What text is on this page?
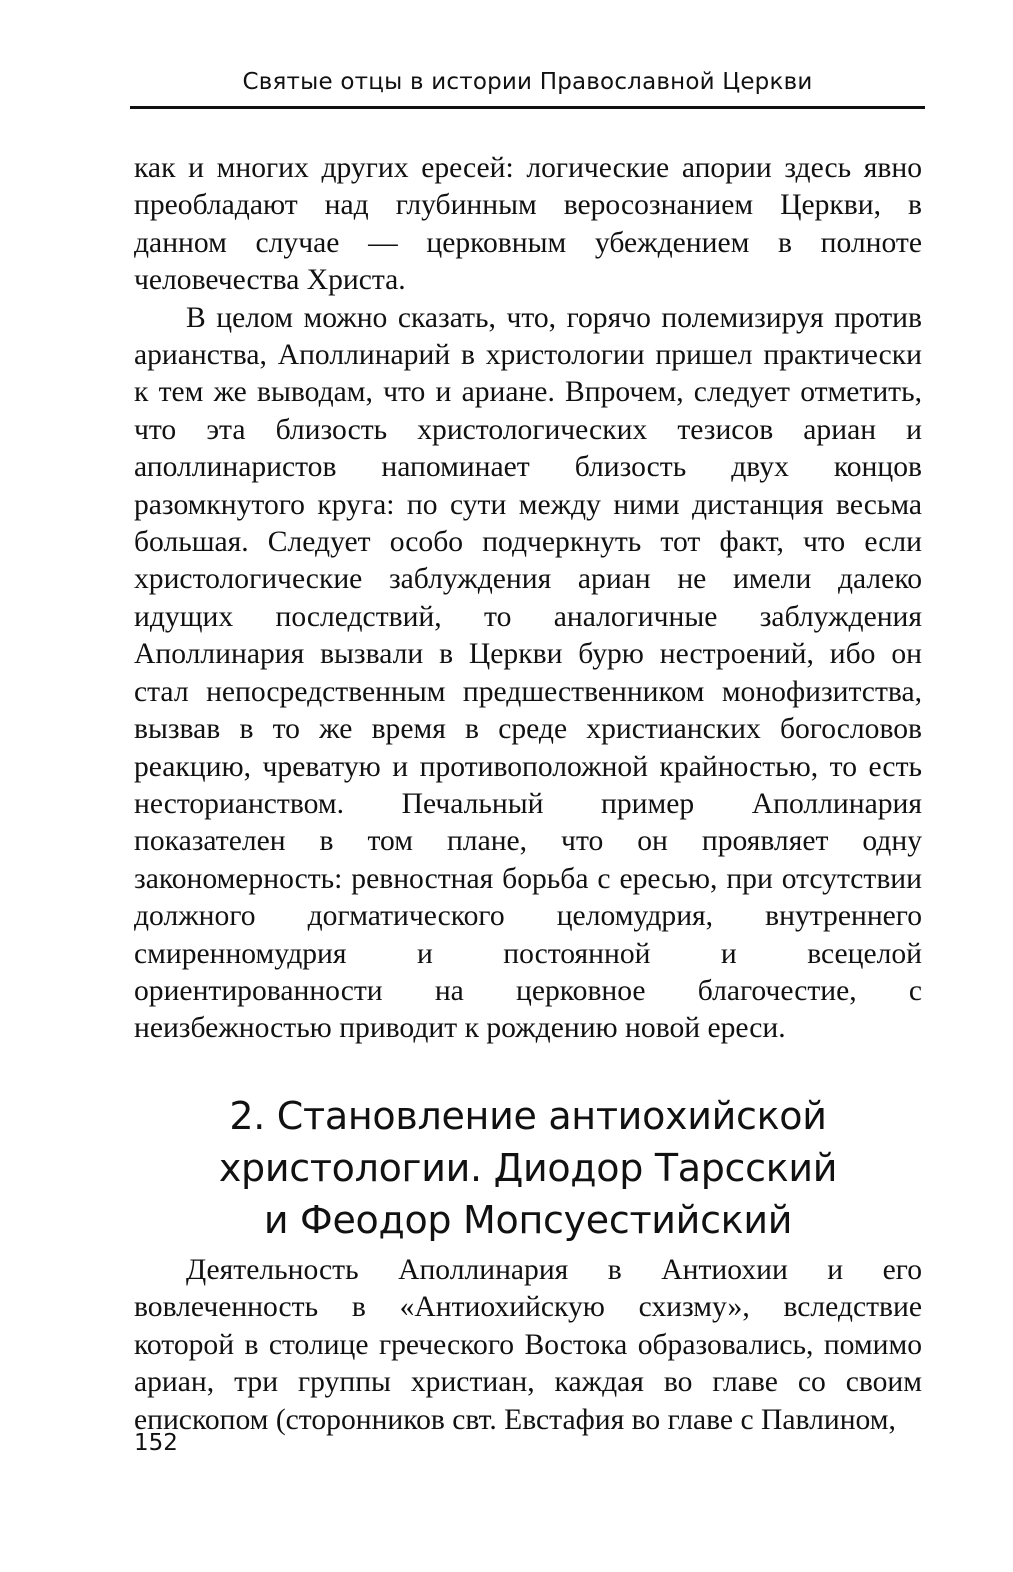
Святые отцы в истории Православной Церкви

как и многих других ересей: логические апории здесь явно преобладают над глубинным веросознанием Церкви, в данном случае — церковным убеждением в полноте человечества Христа.

В целом можно сказать, что, горячо полемизируя против арианства, Аполлинарий в христологии пришел практически к тем же выводам, что и ариане. Впрочем, следует отметить, что эта близость христологических тезисов ариан и аполлинаристов напоминает близость двух концов разомкнутого круга: по сути между ними дистанция весьма большая. Следует особо подчеркнуть тот факт, что если христологические заблуждения ариан не имели далеко идущих последствий, то аналогичные заблуждения Аполлинария вызвали в Церкви бурю нестроений, ибо он стал непосредственным предшественником монофизитства, вызвав в то же время в среде христианских богословов реакцию, чреватую и противоположной крайностью, то есть несторианством. Печальный пример Аполлинария показателен в том плане, что он проявляет одну закономерность: ревностная борьба с ересью, при отсутствии должного догматического целомудрия, внутреннего смиренномудрия и постоянной и всецелой ориентированности на церковное благочестие, с неизбежностью приводит к рождению новой ереси.

2. Становление антиохийской
христологии. Диодор Тарсский
и Феодор Мопсуестийский

Деятельность Аполлинария в Антиохии и его вовлеченность в «Антиохийскую схизму», вследствие которой в столице греческого Востока образовались, помимо ариан, три группы христиан, каждая во главе со своим епископом (сторонников свт. Евстафия во главе с Павлином,

152
